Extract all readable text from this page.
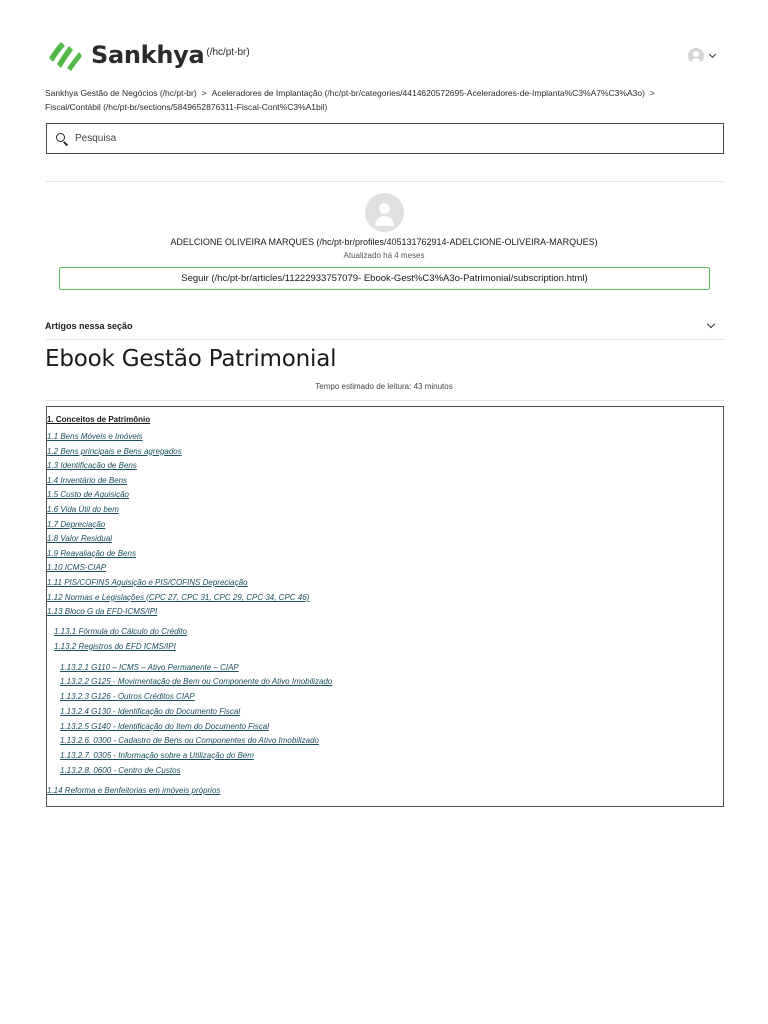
Sankhya (/hc/pt-br)
Sankhya Gestão de Negócios (/hc/pt-br) > Aceleradores de Implantação (/hc/pt-br/categories/4414620572695-Aceleradores-de-Implanta%C3%A7%C3%A3o) >
Fiscal/Contábil (/hc/pt-br/sections/5849652876311-Fiscal-Cont%C3%A1bil)
Pesquisa
ADELCIONE OLIVEIRA MARQUES (/hc/pt-br/profiles/405131762914-ADELCIONE-OLIVEIRA-MARQUES)
Atualizado há 4 meses
Seguir (/hc/pt-br/articles/11222933757079- Ebook-Gest%C3%A3o-Patrimonial/subscription.html)
Artigos nessa seção
Ebook Gestão Patrimonial
Tempo estimado de leitura: 43 minutos
1. Conceitos de Patrimônio
1.1 Bens Móveis e Imóveis
1.2 Bens principais e Bens agregados
1.3 Identificação de Bens
1.4 Inventário de Bens
1.5 Custo de Aquisição
1.6 Vida Útil do bem
1.7 Depreciação
1.8 Valor Residual
1.9 Reavaliação de Bens
1.10 ICMS-CIAP
1.11 PIS/COFINS Aquisição e PIS/COFINS Depreciação
1.12 Normas e Legislações (CPC 27, CPC 31, CPC 29, CPC 34, CPC 46)
1.13 Bloco G da EFD-ICMS/IPI
1.13.1 Fórmula do Cálculo do Crédito
1.13.2 Registros do EFD ICMS/IPI
1.13.2.1 G110 – ICMS – Ativo Permanente – CIAP
1.13.2.2 G125 - Movimentação de Bem ou Componente do Ativo Imobilizado
1.13.2.3 G126 - Outros Créditos CIAP
1.13.2.4 G130 - Identificação do Documento Fiscal
1.13.2.5 G140 - Identificação do Item do Documento Fiscal
1.13.2.6. 0300 - Cadastro de Bens ou Componentes do Ativo Imobilizado
1.13.2.7. 0305 - Informação sobre a Utilização do Bem
1.13.2.8. 0600 - Centro de Custos
1.14 Reforma e Benfeitorias em imóveis próprios
